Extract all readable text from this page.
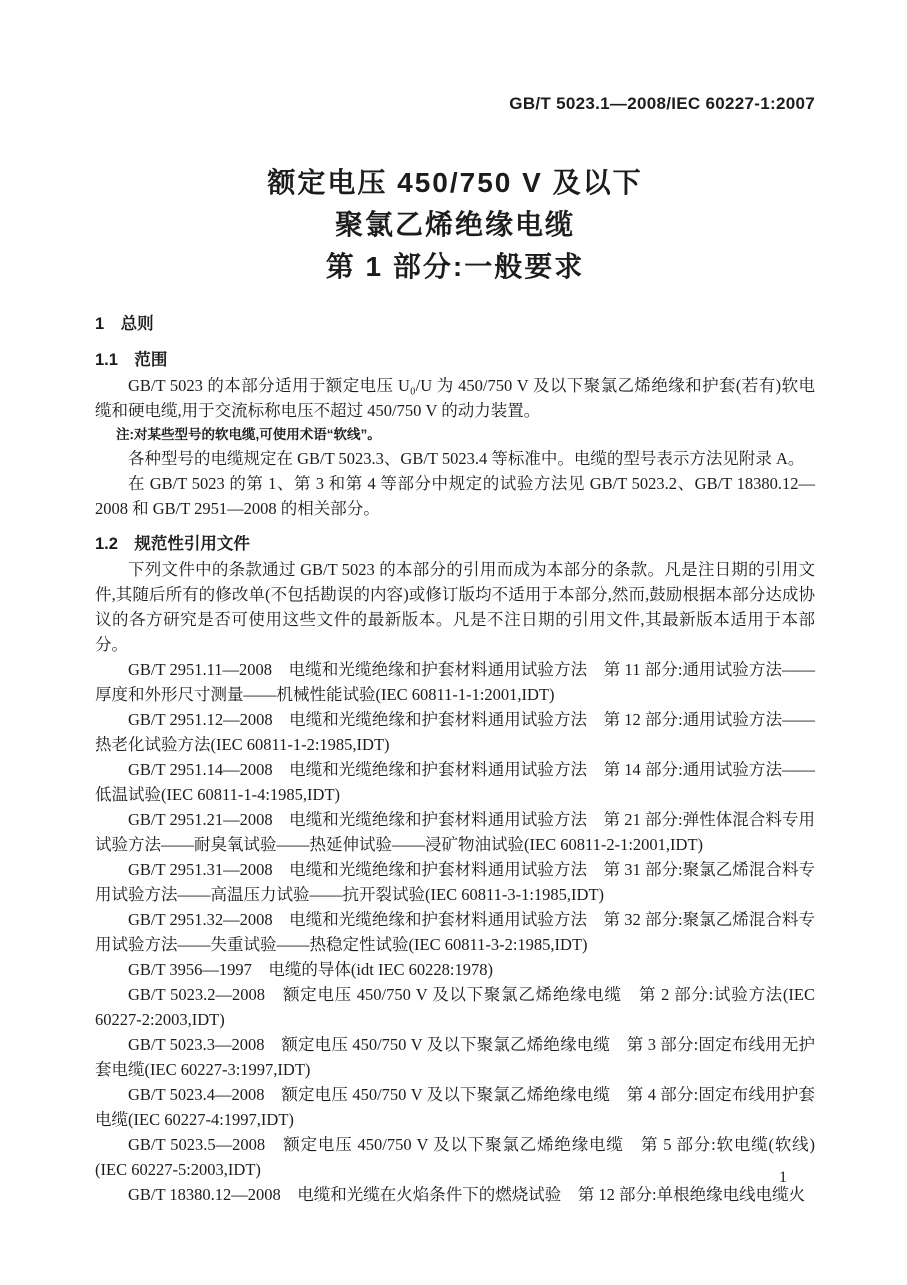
GB/T 5023.1—2008/IEC 60227-1:2007
额定电压 450/750 V 及以下
聚氯乙烯绝缘电缆
第 1 部分:一般要求

1　总则

1.1　范围

GB/T 5023 的本部分适用于额定电压 U₀/U 为 450/750 V 及以下聚氯乙烯绝缘和护套(若有)软电缆和硬电缆,用于交流标称电压不超过 450/750 V 的动力装置。

注:对某些型号的软电缆,可使用术语“软线”。

各种型号的电缆规定在 GB/T 5023.3、GB/T 5023.4 等标准中。电缆的型号表示方法见附录 A。

在 GB/T 5023 的第 1、第 3 和第 4 等部分中规定的试验方法见 GB/T 5023.2、GB/T 18380.12—2008 和 GB/T 2951—2008 的相关部分。

1.2　规范性引用文件

下列文件中的条款通过 GB/T 5023 的本部分的引用而成为本部分的条款。凡是注日期的引用文件,其随后所有的修改单(不包括勘误的内容)或修订版均不适用于本部分,然而,鼓励根据本部分达成协议的各方研究是否可使用这些文件的最新版本。凡是不注日期的引用文件,其最新版本适用于本部分。

GB/T 2951.11—2008　电缆和光缆绝缘和护套材料通用试验方法　第 11 部分:通用试验方法——厚度和外形尺寸测量——机械性能试验(IEC 60811-1-1:2001,IDT)

GB/T 2951.12—2008　电缆和光缆绝缘和护套材料通用试验方法　第 12 部分:通用试验方法——热老化试验方法(IEC 60811-1-2:1985,IDT)

GB/T 2951.14—2008　电缆和光缆绝缘和护套材料通用试验方法　第 14 部分:通用试验方法——低温试验(IEC 60811-1-4:1985,IDT)

GB/T 2951.21—2008　电缆和光缆绝缘和护套材料通用试验方法　第 21 部分:弹性体混合料专用试验方法——耐臭氧试验——热延伸试验——浸矿物油试验(IEC 60811-2-1:2001,IDT)

GB/T 2951.31—2008　电缆和光缆绝缘和护套材料通用试验方法　第 31 部分:聚氯乙烯混合料专用试验方法——高温压力试验——抗开裂试验(IEC 60811-3-1:1985,IDT)

GB/T 2951.32—2008　电缆和光缆绝缘和护套材料通用试验方法　第 32 部分:聚氯乙烯混合料专用试验方法——失重试验——热稳定性试验(IEC 60811-3-2:1985,IDT)

GB/T 3956—1997　电缆的导体(idt IEC 60228:1978)

GB/T 5023.2—2008　额定电压 450/750 V 及以下聚氯乙烯绝缘电缆　第 2 部分:试验方法(IEC 60227-2:2003,IDT)

GB/T 5023.3—2008　额定电压 450/750 V 及以下聚氯乙烯绝缘电缆　第 3 部分:固定布线用无护套电缆(IEC 60227-3:1997,IDT)

GB/T 5023.4—2008　额定电压 450/750 V 及以下聚氯乙烯绝缘电缆　第 4 部分:固定布线用护套电缆(IEC 60227-4:1997,IDT)

GB/T 5023.5—2008　额定电压 450/750 V 及以下聚氯乙烯绝缘电缆　第 5 部分:软电缆(软线)(IEC 60227-5:2003,IDT)

GB/T 18380.12—2008　电缆和光缆在火焰条件下的燃烧试验　第 12 部分:单根绝缘电线电缆火

1
